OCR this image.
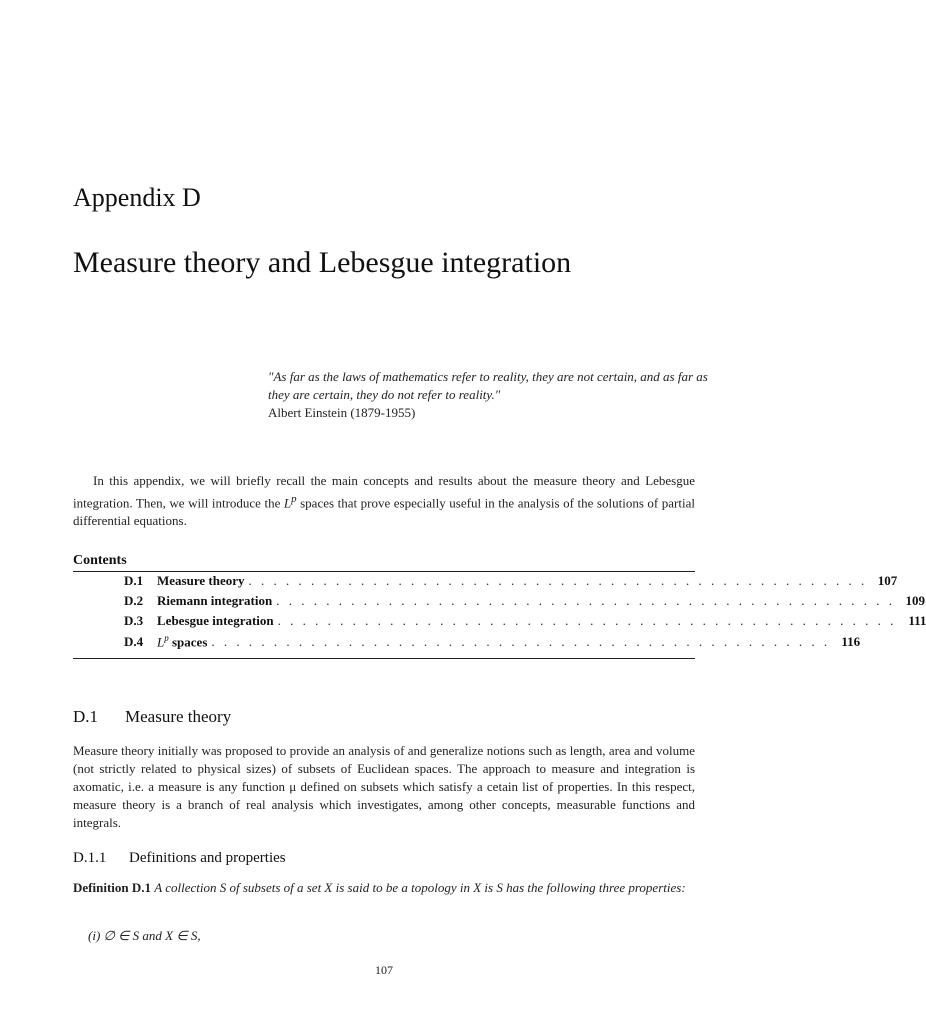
Appendix D
Measure theory and Lebesgue integration
"As far as the laws of mathematics refer to reality, they are not certain, and as far as they are certain, they do not refer to reality."
Albert Einstein (1879-1955)
In this appendix, we will briefly recall the main concepts and results about the measure theory and Lebesgue integration. Then, we will introduce the $L^p$ spaces that prove especially useful in the analysis of the solutions of partial differential equations.
Contents
D.1	Measure theory . . . . . . . . . . . . . . . . . . . . . . . . . . . . . . . . . . . . . . . . . . . . . . . . . . 107
D.2	Riemann integration . . . . . . . . . . . . . . . . . . . . . . . . . . . . . . . . . . . . . . . . . . . . . . . . . . 109
D.3	Lebesgue integration . . . . . . . . . . . . . . . . . . . . . . . . . . . . . . . . . . . . . . . . . . . . . . . . . . 111
D.4	$L^p$ spaces . . . . . . . . . . . . . . . . . . . . . . . . . . . . . . . . . . . . . . . . . . . . . . . . . . 116
D.1 Measure theory
Measure theory initially was proposed to provide an analysis of and generalize notions such as length, area and volume (not strictly related to physical sizes) of subsets of Euclidean spaces. The approach to measure and integration is axomatic, i.e. a measure is any function μ defined on subsets which satisfy a cetain list of properties. In this respect, measure theory is a branch of real analysis which investigates, among other concepts, measurable functions and integrals.
D.1.1 Definitions and properties
Definition D.1 A collection S of subsets of a set X is said to be a topology in X is S has the following three properties:
(i) ∅ ∈ S and X ∈ S,
107
